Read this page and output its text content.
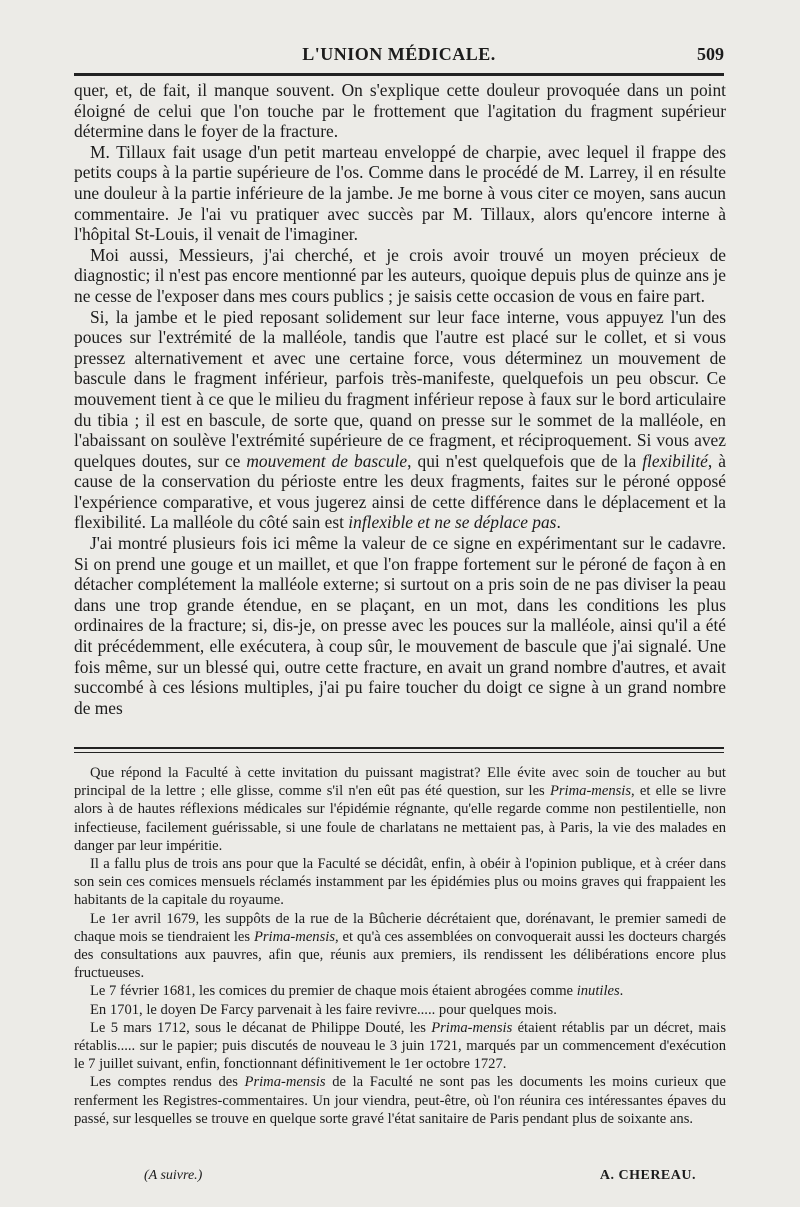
L'UNION MÉDICALE.	509

quer, et, de fait, il manque souvent. On s'explique cette douleur provoquée dans un point éloigné de celui que l'on touche par le frottement que l'agitation du fragment supérieur détermine dans le foyer de la fracture.

M. Tillaux fait usage d'un petit marteau enveloppé de charpie, avec lequel il frappe des petits coups à la partie supérieure de l'os. Comme dans le procédé de M. Larrey, il en résulte une douleur à la partie inférieure de la jambe. Je me borne à vous citer ce moyen, sans aucun commentaire. Je l'ai vu pratiquer avec succès par M. Tillaux, alors qu'encore interne à l'hôpital St-Louis, il venait de l'imaginer.

Moi aussi, Messieurs, j'ai cherché, et je crois avoir trouvé un moyen précieux de diagnostic; il n'est pas encore mentionné par les auteurs, quoique depuis plus de quinze ans je ne cesse de l'exposer dans mes cours publics ; je saisis cette occasion de vous en faire part.

Si, la jambe et le pied reposant solidement sur leur face interne, vous appuyez l'un des pouces sur l'extrémité de la malléole, tandis que l'autre est placé sur le collet, et si vous pressez alternativement et avec une certaine force, vous déterminez un mouvement de bascule dans le fragment inférieur, parfois très-manifeste, quelquefois un peu obscur. Ce mouvement tient à ce que le milieu du fragment inférieur repose à faux sur le bord articulaire du tibia ; il est en bascule, de sorte que, quand on presse sur le sommet de la malléole, en l'abaissant on soulève l'extrémité supérieure de ce fragment, et réciproquement. Si vous avez quelques doutes, sur ce mouvement de bascule, qui n'est quelquefois que de la flexibilité, à cause de la conservation du périoste entre les deux fragments, faites sur le péroné opposé l'expérience comparative, et vous jugerez ainsi de cette différence dans le déplacement et la flexibilité. La malléole du côté sain est inflexible et ne se déplace pas.

J'ai montré plusieurs fois ici même la valeur de ce signe en expérimentant sur le cadavre. Si on prend une gouge et un maillet, et que l'on frappe fortement sur le péroné de façon à en détacher complétement la malléole externe; si surtout on a pris soin de ne pas diviser la peau dans une trop grande étendue, en se plaçant, en un mot, dans les conditions les plus ordinaires de la fracture; si, dis-je, on presse avec les pouces sur la malléole, ainsi qu'il a été dit précédemment, elle exécutera, à coup sûr, le mouvement de bascule que j'ai signalé. Une fois même, sur un blessé qui, outre cette fracture, en avait un grand nombre d'autres, et avait succombé à ces lésions multiples, j'ai pu faire toucher du doigt ce signe à un grand nombre de mes

Que répond la Faculté à cette invitation du puissant magistrat? Elle évite avec soin de toucher au but principal de la lettre ; elle glisse, comme s'il n'en eût pas été question, sur les Prima-mensis, et elle se livre alors à de hautes réflexions médicales sur l'épidémie régnante, qu'elle regarde comme non pestilentielle, non infectieuse, facilement guérissable, si une foule de charlatans ne mettaient pas, à Paris, la vie des malades en danger par leur impéritie.

Il a fallu plus de trois ans pour que la Faculté se décidât, enfin, à obéir à l'opinion publique, et à créer dans son sein ces comices mensuels réclamés instamment par les épidémies plus ou moins graves qui frappaient les habitants de la capitale du royaume.

Le 1er avril 1679, les suppôts de la rue de la Bûcherie décrétaient que, dorénavant, le premier samedi de chaque mois se tiendraient les Prima-mensis, et qu'à ces assemblées on convoquerait aussi les docteurs chargés des consultations aux pauvres, afin que, réunis aux premiers, ils rendissent les délibérations encore plus fructueuses.

Le 7 février 1681, les comices du premier de chaque mois étaient abrogées comme inutiles.

En 1701, le doyen De Farcy parvenait à les faire revivre..... pour quelques mois.

Le 5 mars 1712, sous le décanat de Philippe Douté, les Prima-mensis étaient rétablis par un décret, mais rétablis..... sur le papier; puis discutés de nouveau le 3 juin 1721, marqués par un commencement d'exécution le 7 juillet suivant, enfin, fonctionnant définitivement le 1er octobre 1727.

Les comptes rendus des Prima-mensis de la Faculté ne sont pas les documents les moins curieux que renferment les Registres-commentaires. Un jour viendra, peut-être, où l'on réunira ces intéressantes épaves du passé, sur lesquelles se trouve en quelque sorte gravé l'état sanitaire de Paris pendant plus de soixante ans.

(A suivre.)	A. CHEREAU.
